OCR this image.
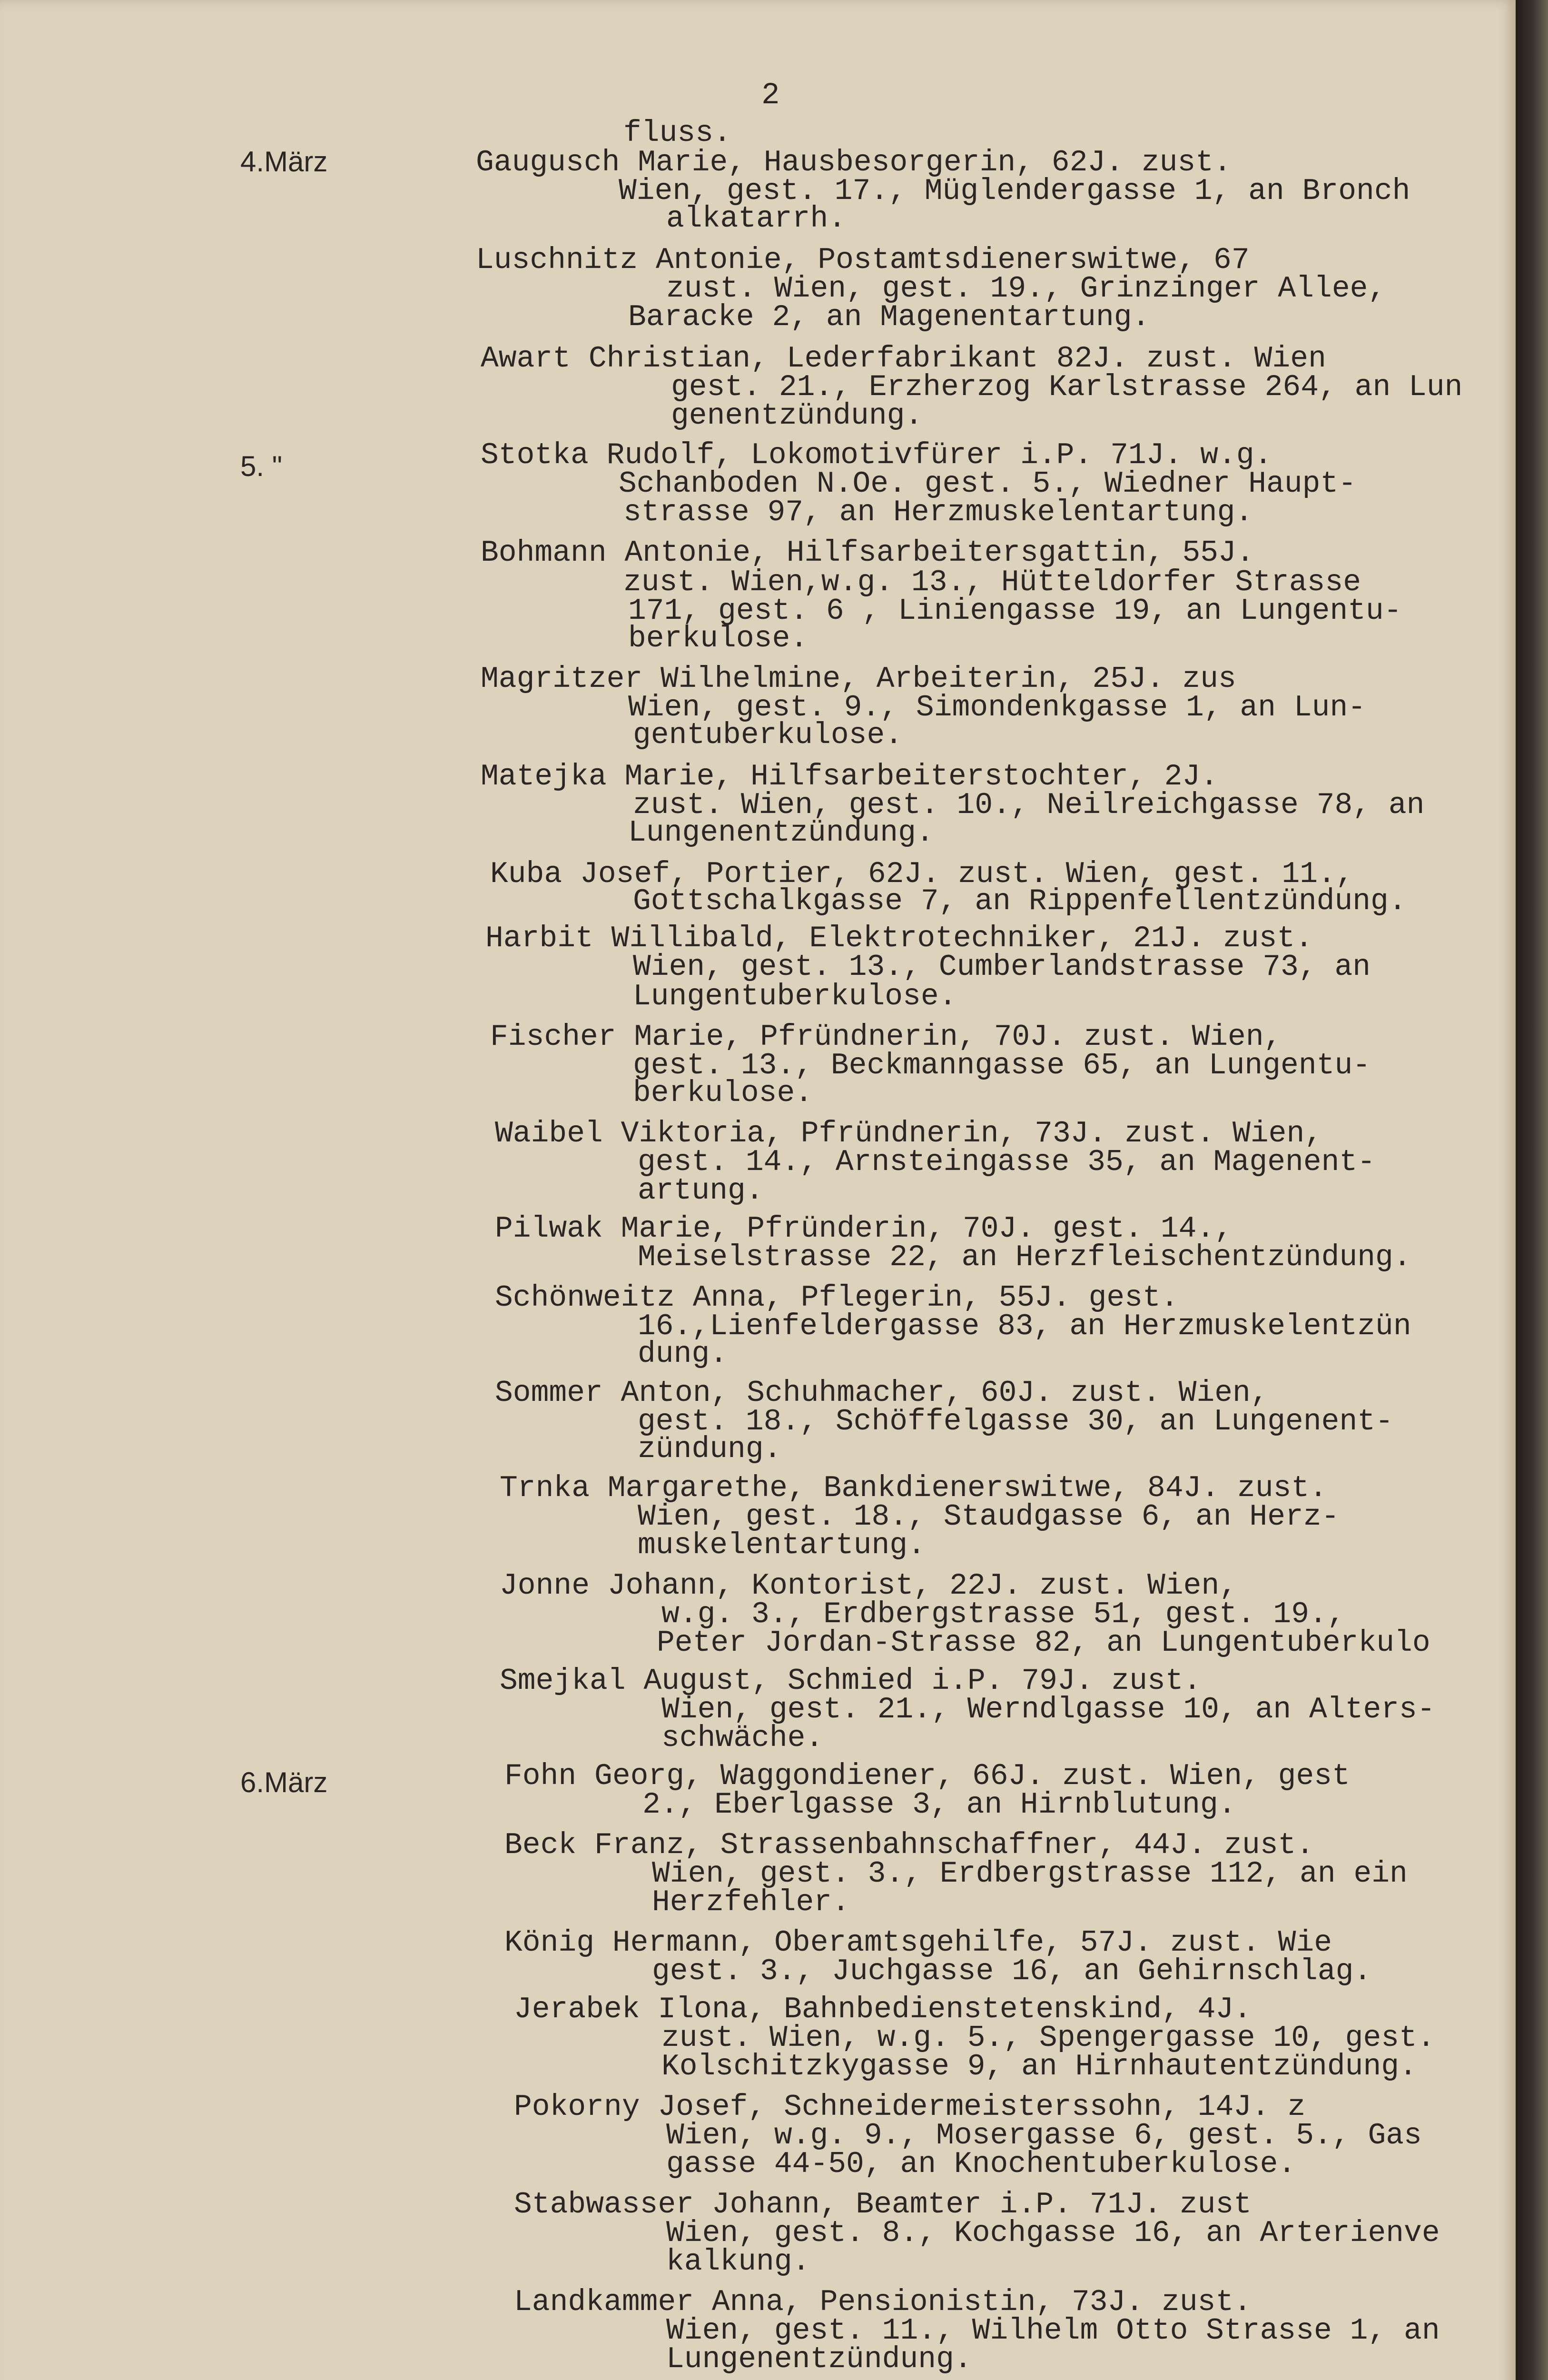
2
4.März
5. "
6.März
fluss.
Gaugusch Marie, Hausbesorgerin, 62J. zust.
Wien, gest. 17., Müglendergasse 1, an Bronch
alkatarrh.
Luschnitz Antonie, Postamtsdienerswitwe, 67
zust. Wien, gest. 19., Grinzinger Allee,
Baracke 2, an Magenentartung.
Awart Christian, Lederfabrikant 82J. zust. Wien
gest. 21., Erzherzog Karlstrasse 264, an Lun
genentzündung.
Stotka Rudolf, Lokomotivfürer i.P. 71J. w.g.
Schanboden N.Oe. gest. 5., Wiedner Haupt-
strasse 97, an Herzmuskelentartung.
Bohmann Antonie, Hilfsarbeitersgattin, 55J.
zust. Wien,w.g. 13., Hütteldorfer Strasse
171, gest. 6 , Liniengasse 19, an Lungentu-
berkulose.
Magritzer Wilhelmine, Arbeiterin, 25J. zus
Wien, gest. 9., Simondenkgasse 1, an Lun-
gentuberkulose.
Matejka Marie, Hilfsarbeiterstochter, 2J.
zust. Wien, gest. 10., Neilreichgasse 78, an
Lungenentzündung.
Kuba Josef, Portier, 62J. zust. Wien, gest. 11.,
Gottschalkgasse 7, an Rippenfellentzündung.
Harbit Willibald, Elektrotechniker, 21J. zust.
Wien, gest. 13., Cumberlandstrasse 73, an
Lungentuberkulose.
Fischer Marie, Pfründnerin, 70J. zust. Wien,
gest. 13., Beckmanngasse 65, an Lungentu-
berkulose.
Waibel Viktoria, Pfründnerin, 73J. zust. Wien,
gest. 14., Arnsteingasse 35, an Magenent-
artung.
Pilwak Marie, Pfründerin, 70J. gest. 14.,
Meiselstrasse 22, an Herzfleischentzündung.
Schönweitz Anna, Pflegerin, 55J. gest.
16.,Lienfeldergasse 83, an Herzmuskelentzün
dung.
Sommer Anton, Schuhmacher, 60J. zust. Wien,
gest. 18., Schöffelgasse 30, an Lungenent-
zündung.
Trnka Margarethe, Bankdienerswitwe, 84J. zust.
Wien, gest. 18., Staudgasse 6, an Herz-
muskelentartung.
Jonne Johann, Kontorist, 22J. zust. Wien,
w.g. 3., Erdbergstrasse 51, gest. 19.,
Peter Jordan-Strasse 82, an Lungentuberkulo
Smejkal August, Schmied i.P. 79J. zust.
Wien, gest. 21., Werndlgasse 10, an Alters-
schwäche.
Fohn Georg, Waggondiener, 66J. zust. Wien, gest
2., Eberlgasse 3, an Hirnblutung.
Beck Franz, Strassenbahnschaffner, 44J. zust.
Wien, gest. 3., Erdbergstrasse 112, an ein
Herzfehler.
König Hermann, Oberamtsgehilfe, 57J. zust. Wie
gest. 3., Juchgasse 16, an Gehirnschlag.
Jerabek Ilona, Bahnbedienstetenskind, 4J.
zust. Wien, w.g. 5., Spengergasse 10, gest.
Kolschitzkygasse 9, an Hirnhautentzündung.
Pokorny Josef, Schneidermeisterssohn, 14J. z
Wien, w.g. 9., Mosergasse 6, gest. 5., Gas
gasse 44-50, an Knochentuberkulose.
Stabwasser Johann, Beamter i.P. 71J. zust
Wien, gest. 8., Kochgasse 16, an Arterienve
kalkung.
Landkammer Anna, Pensionistin, 73J. zust.
Wien, gest. 11., Wilhelm Otto Strasse 1, an
Lungenentzündung.
